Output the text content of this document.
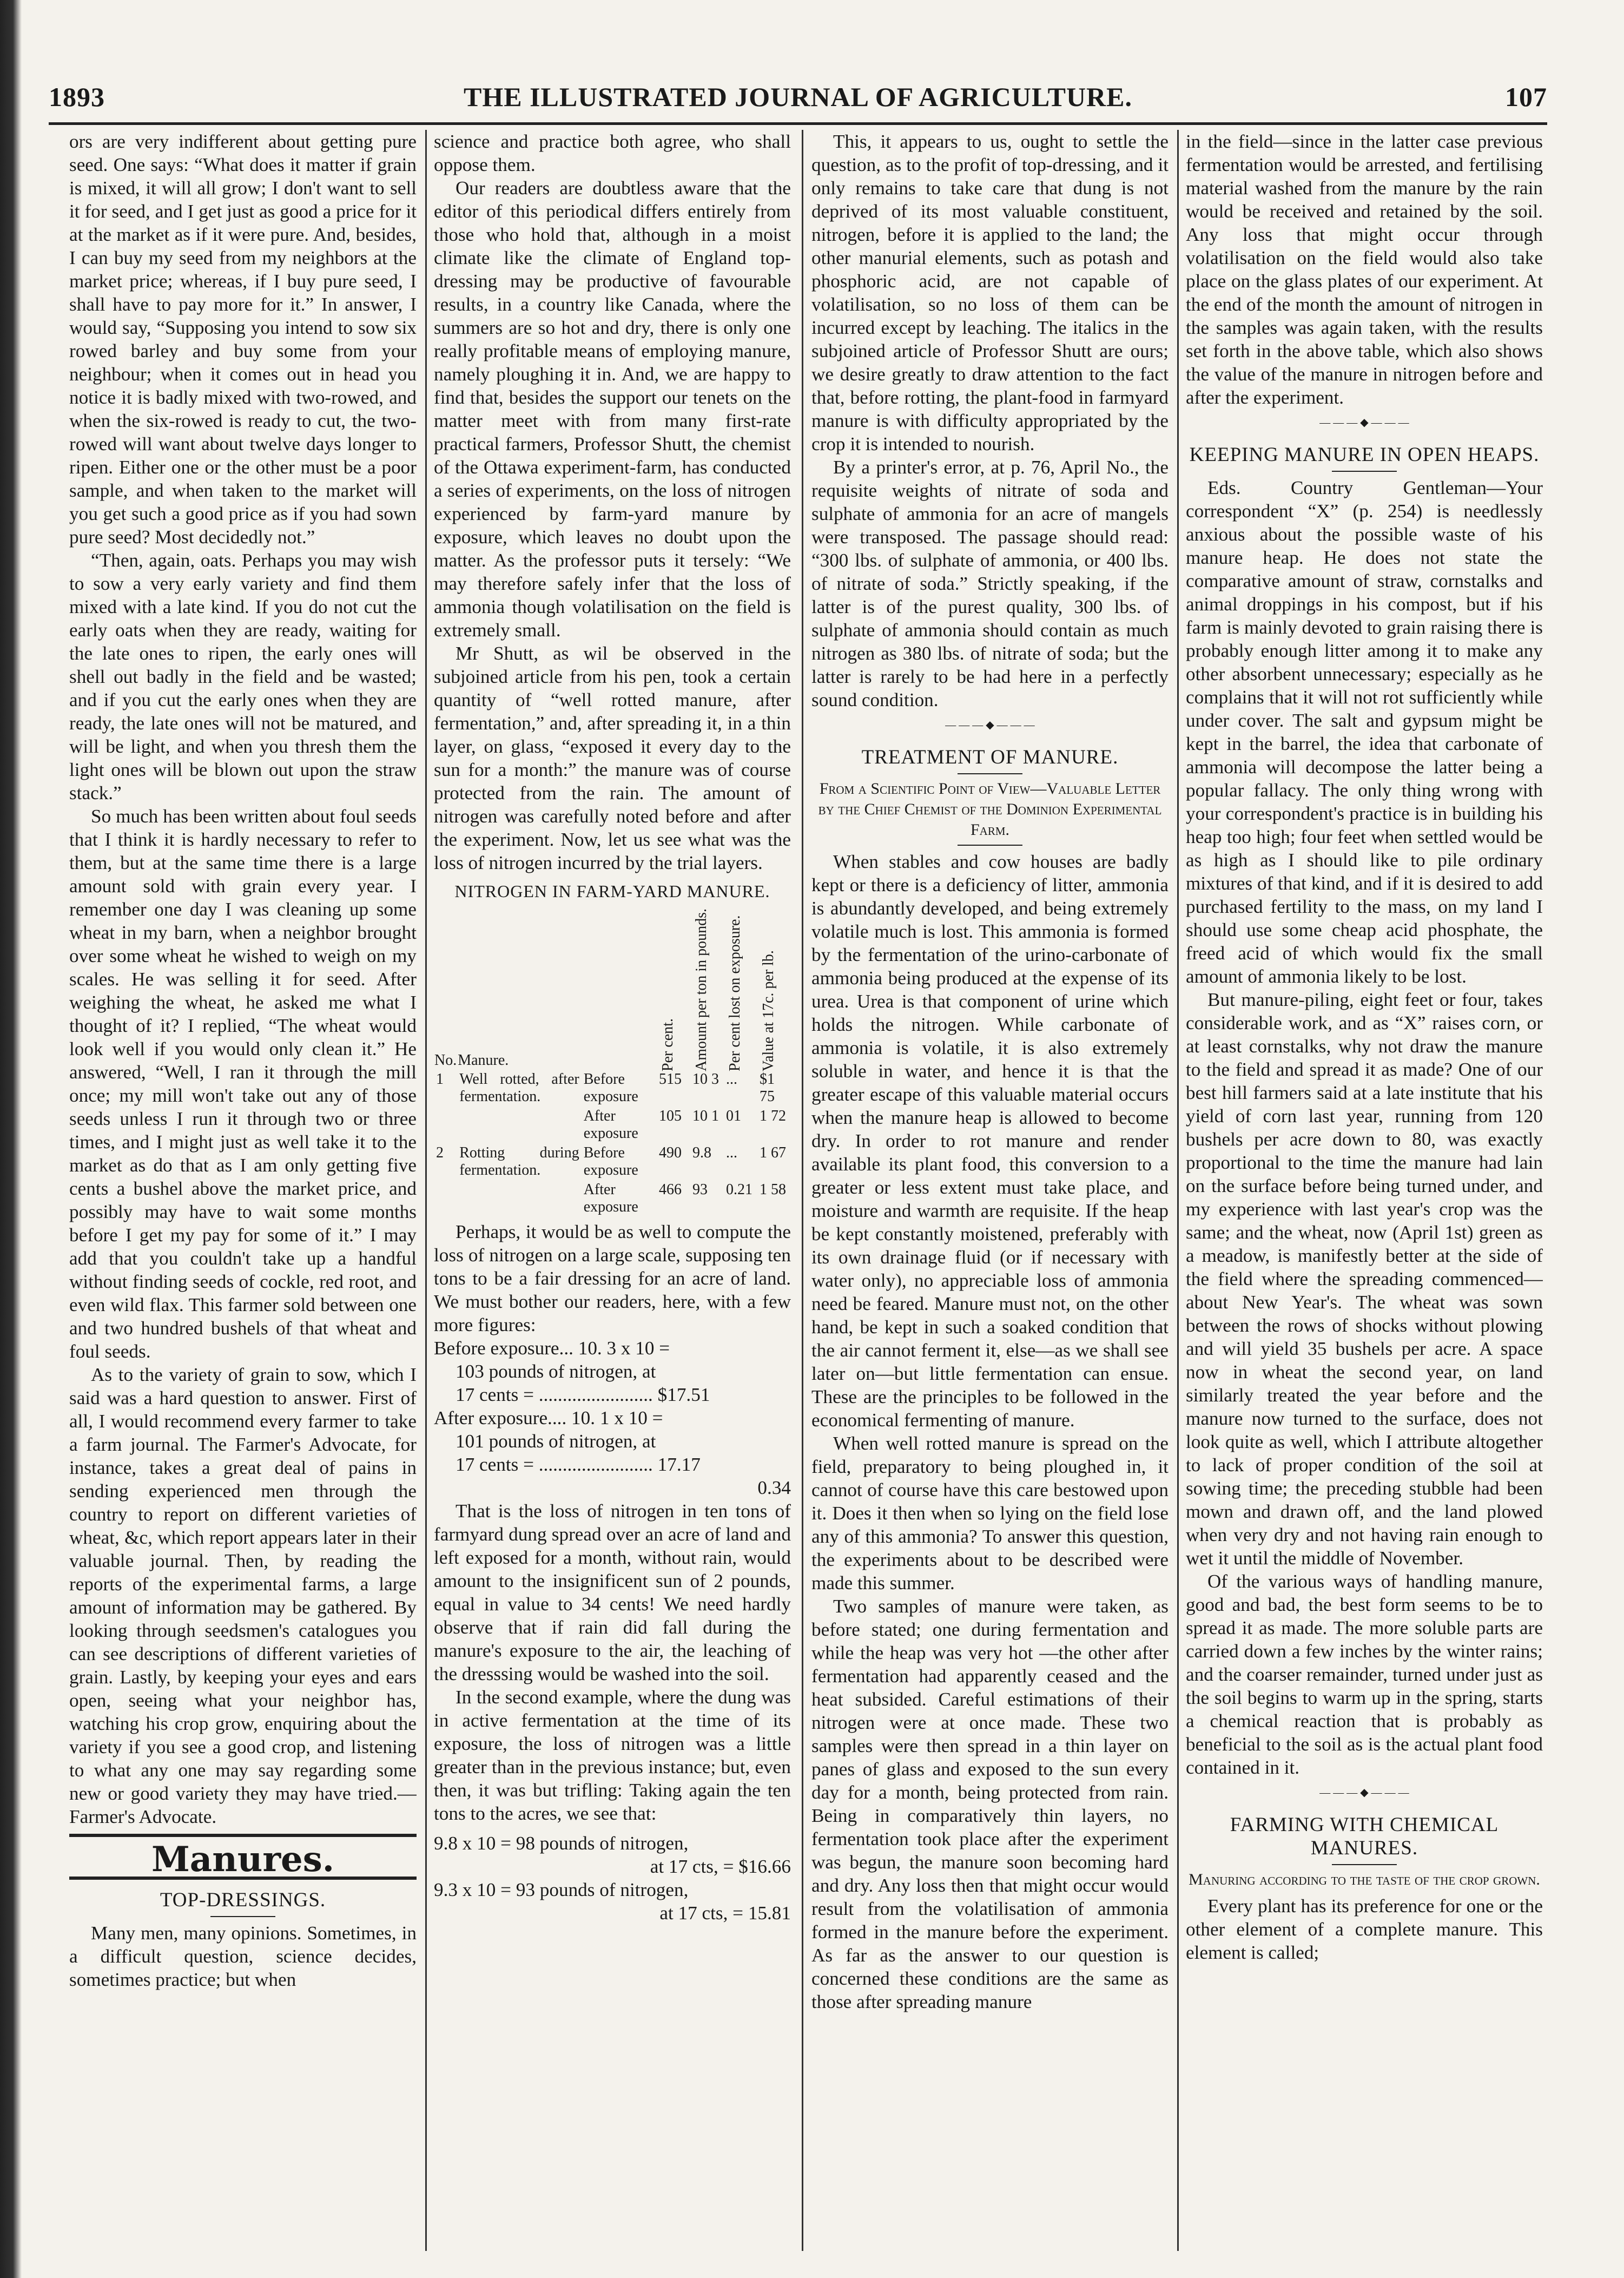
1893	THE ILLUSTRATED JOURNAL OF AGRICULTURE.	107

ors are very indifferent about getting pure seed. One says: “What does it matter if grain is mixed, it will all grow; I don't want to sell it for seed, and I get just as good a price for it at the market as if it were pure. And, besides, I can buy my seed from my neighbors at the market price; whereas, if I buy pure seed, I shall have to pay more for it.” In answer, I would say, “Supposing you intend to sow six rowed barley and buy some from your neighbour; when it comes out in head you notice it is badly mixed with two-rowed, and when the six-rowed is ready to cut, the two-rowed will want about twelve days longer to ripen. Either one or the other must be a poor sample, and when taken to the market will you get such a good price as if you had sown pure seed? Most decidedly not.”

“Then, again, oats. Perhaps you may wish to sow a very early variety and find them mixed with a late kind. If you do not cut the early oats when they are ready, waiting for the late ones to ripen, the early ones will shell out badly in the field and be wasted; and if you cut the early ones when they are ready, the late ones will not be matured, and will be light, and when you thresh them the light ones will be blown out upon the straw stack.”

So much has been written about foul seeds that I think it is hardly necessary to refer to them, but at the same time there is a large amount sold with grain every year. I remember one day I was cleaning up some wheat in my barn, when a neighbor brought over some wheat he wished to weigh on my scales. He was selling it for seed. After weighing the wheat, he asked me what I thought of it? I replied, “The wheat would look well if you would only clean it.” He answered, “Well, I ran it through the mill once; my mill won't take out any of those seeds unless I run it through two or three times, and I might just as well take it to the market as do that as I am only getting five cents a bushel above the market price, and possibly may have to wait some months before I get my pay for some of it.” I may add that you couldn't take up a handful without finding seeds of cockle, red root, and even wild flax. This farmer sold between one and two hundred bushels of that wheat and foul seeds.

As to the variety of grain to sow, which I said was a hard question to answer. First of all, I would recommend every farmer to take a farm journal. The Farmer's Advocate, for instance, takes a great deal of pains in sending experienced men through the country to report on different varieties of wheat, &c, which report appears later in their valuable journal. Then, by reading the reports of the experimental farms, a large amount of information may be gathered. By looking through seedsmen's catalogues you can see descriptions of different varieties of grain. Lastly, by keeping your eyes and ears open, seeing what your neighbor has, watching his crop grow, enquiring about the variety if you see a good crop, and listening to what any one may say regarding some new or good variety they may have tried.—Farmer's Advocate.

Manures.
TOP-DRESSINGS.

Many men, many opinions. Sometimes, in a difficult question, science decides, sometimes practice; but when

science and practice both agree, who shall oppose them.

Our readers are doubtless aware that the editor of this periodical differs entirely from those who hold that, although in a moist climate like the climate of England top-dressing may be productive of favourable results, in a country like Canada, where the summers are so hot and dry, there is only one really profitable means of employing manure, namely ploughing it in. And, we are happy to find that, besides the support our tenets on the matter meet with from many first-rate practical farmers, Professor Shutt, the chemist of the Ottawa experiment-farm, has conducted a series of experiments, on the loss of nitrogen experienced by farm-yard manure by exposure, which leaves no doubt upon the matter. As the professor puts it tersely: “We may therefore safely infer that the loss of ammonia though volatilisation on the field is extremely small.

Mr Shutt, as wil be observed in the subjoined article from his pen, took a certain quantity of “well rotted manure, after fermentation,” and, after spreading it, in a thin layer, on glass, “exposed it every day to the sun for a month:” the manure was of course protected from the rain. The amount of nitrogen was carefully noted before and after the experiment. Now, let us see what was the loss of nitrogen incurred by the trial layers.

NITROGEN IN FARM-YARD MANURE.
No.	Manure.		Per cent.	Amount per ton in pounds.	Per cent lost on exposure.	Value at 17c. per lb.
1	Well rotted, after fermentation.	Before exposure	515	10 3	...	$1 75
		After exposure	105	10 1	01	1 72
2	Rotting during fermentation.	Before exposure	490	9.8	...	1 67
		After exposure	466	93	0.21	1 58

Perhaps, it would be as well to compute the loss of nitrogen on a large scale, supposing ten tons to be a fair dressing for an acre of land. We must bother our readers, here, with a few more figures:

Before exposure... 10. 3 x 10 =

103 pounds of nitrogen, at

17 cents = ........................ $17.51

After exposure.... 10. 1 x 10 =

101 pounds of nitrogen, at

17 cents = ........................ 17.17

0.34

That is the loss of nitrogen in ten tons of farmyard dung spread over an acre of land and left exposed for a month, without rain, would amount to the insignificent sun of 2 pounds, equal in value to 34 cents! We need hardly observe that if rain did fall during the manure's exposure to the air, the leaching of the dresssing would be washed into the soil.

In the second example, where the dung was in active fermentation at the time of its exposure, the loss of nitrogen was a little greater than in the previous instance; but, even then, it was but trifling: Taking again the ten tons to the acres, we see that:

9.8 x 10 = 98 pounds of nitrogen,

at 17 cts, = $16.66

9.3 x 10 = 93 pounds of nitrogen,

at 17 cts, = 15.81

This, it appears to us, ought to settle the question, as to the profit of top-dressing, and it only remains to take care that dung is not deprived of its most valuable constituent, nitrogen, before it is applied to the land; the other manurial elements, such as potash and phosphoric acid, are not capable of volatilisation, so no loss of them can be incurred except by leaching. The italics in the subjoined article of Professor Shutt are ours; we desire greatly to draw attention to the fact that, before rotting, the plant-food in farmyard manure is with difficulty appropriated by the crop it is intended to nourish.

By a printer's error, at p. 76, April No., the requisite weights of nitrate of soda and sulphate of ammonia for an acre of mangels were transposed. The passage should read: “300 lbs. of sulphate of ammonia, or 400 lbs. of nitrate of soda.” Strictly speaking, if the latter is of the purest quality, 300 lbs. of sulphate of ammonia should contain as much nitrogen as 380 lbs. of nitrate of soda; but the latter is rarely to be had here in a perfectly sound condition.

— — — ◆ — — —
TREATMENT OF MANURE.
From a Scientific Point of View—Valuable Letter by the Chief Chemist of the Dominion Experimental Farm.

When stables and cow houses are badly kept or there is a deficiency of litter, ammonia is abundantly developed, and being extremely volatile much is lost. This ammonia is formed by the fermentation of the urino-carbonate of ammonia being produced at the expense of its urea. Urea is that component of urine which holds the nitrogen. While carbonate of ammonia is volatile, it is also extremely soluble in water, and hence it is that the greater escape of this valuable material occurs when the manure heap is allowed to become dry. In order to rot manure and render available its plant food, this conversion to a greater or less extent must take place, and moisture and warmth are requisite. If the heap be kept constantly moistened, preferably with its own drainage fluid (or if necessary with water only), no appreciable loss of ammonia need be feared. Manure must not, on the other hand, be kept in such a soaked condition that the air cannot ferment it, else—as we shall see later on—but little fermentation can ensue. These are the principles to be followed in the economical fermenting of manure.

When well rotted manure is spread on the field, preparatory to being ploughed in, it cannot of course have this care bestowed upon it. Does it then when so lying on the field lose any of this ammonia? To answer this question, the experiments about to be described were made this summer.

Two samples of manure were taken, as before stated; one during fermentation and while the heap was very hot —the other after fermentation had apparently ceased and the heat subsided. Careful estimations of their nitrogen were at once made. These two samples were then spread in a thin layer on panes of glass and exposed to the sun every day for a month, being protected from rain. Being in comparatively thin layers, no fermentation took place after the experiment was begun, the manure soon becoming hard and dry. Any loss then that might occur would result from the volatilisation of ammonia formed in the manure before the experiment. As far as the answer to our question is concerned these conditions are the same as those after spreading manure

in the field—since in the latter case previous fermentation would be arrested, and fertilising material washed from the manure by the rain would be received and retained by the soil. Any loss that might occur through volatilisation on the field would also take place on the glass plates of our experiment. At the end of the month the amount of nitrogen in the samples was again taken, with the results set forth in the above table, which also shows the value of the manure in nitrogen before and after the experiment.

— — — ◆ — — —
KEEPING MANURE IN OPEN HEAPS.

Eds. Country Gentleman—Your correspondent “X” (p. 254) is needlessly anxious about the possible waste of his manure heap. He does not state the comparative amount of straw, cornstalks and animal droppings in his compost, but if his farm is mainly devoted to grain raising there is probably enough litter among it to make any other absorbent unnecessary; especially as he complains that it will not rot sufficiently while under cover. The salt and gypsum might be kept in the barrel, the idea that carbonate of ammonia will decompose the latter being a popular fallacy. The only thing wrong with your correspondent's practice is in building his heap too high; four feet when settled would be as high as I should like to pile ordinary mixtures of that kind, and if it is desired to add purchased fertility to the mass, on my land I should use some cheap acid phosphate, the freed acid of which would fix the small amount of ammonia likely to be lost.

But manure-piling, eight feet or four, takes considerable work, and as “X” raises corn, or at least cornstalks, why not draw the manure to the field and spread it as made? One of our best hill farmers said at a late institute that his yield of corn last year, running from 120 bushels per acre down to 80, was exactly proportional to the time the manure had lain on the surface before being turned under, and my experience with last year's crop was the same; and the wheat, now (April 1st) green as a meadow, is manifestly better at the side of the field where the spreading commenced—about New Year's. The wheat was sown between the rows of shocks without plowing and will yield 35 bushels per acre. A space now in wheat the second year, on land similarly treated the year before and the manure now turned to the surface, does not look quite as well, which I attribute altogether to lack of proper condition of the soil at sowing time; the preceding stubble had been mown and drawn off, and the land plowed when very dry and not having rain enough to wet it until the middle of November.

Of the various ways of handling manure, good and bad, the best form seems to be to spread it as made. The more soluble parts are carried down a few inches by the winter rains; and the coarser remainder, turned under just as the soil begins to warm up in the spring, starts a chemical reaction that is probably as beneficial to the soil as is the actual plant food contained in it.

— — — ◆ — — —
FARMING WITH CHEMICAL MANURES.
Manuring according to the taste of the crop grown.

Every plant has its preference for one or the other element of a complete manure. This element is called;
